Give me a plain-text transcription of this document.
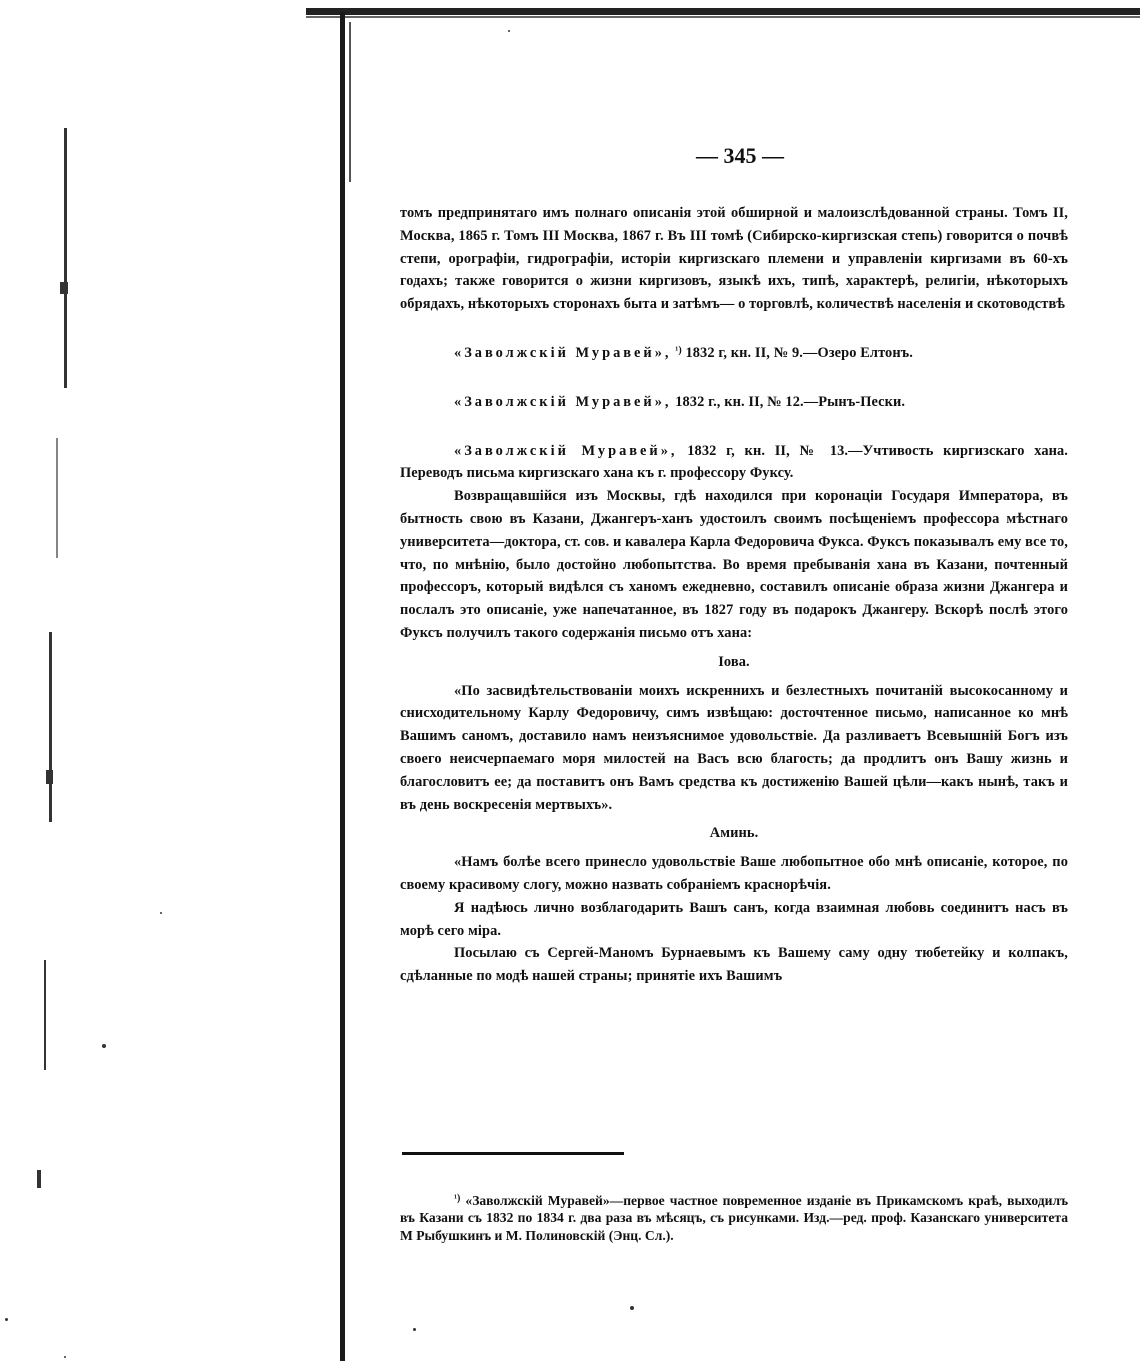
— 345 —

томъ предпринятаго имъ полнаго описанія этой обширной и малоизслѣдованной страны. Томъ II, Москва, 1865 г. Томъ III Москва, 1867 г. Въ III томѣ (Сибирско-киргизская степь) говорится о почвѣ степи, орографіи, гидрографіи, исторіи киргизскаго племени и управленіи киргизами въ 60-хъ годахъ; также говорится о жизни киргизовъ, языкѣ ихъ, типѣ, характерѣ, религіи, нѣкоторыхъ обрядахъ, нѣкоторыхъ сторонахъ быта и затѣмъ— о торговлѣ, количествѣ населенія и скотоводствѣ

«Заволжскій Муравей», $^{^1)}$ 1832 г, кн. II, № 9.—Озеро Елтонъ.

«Заволжскій Муравей», 1832 г., кн. II, № 12.—Рынъ-Пески.

«Заволжскій Муравей», 1832 г, кн. II, № 13.—Учтивость киргизскаго хана. Переводъ письма киргизскаго хана къ г. профессору Фуксу.

Возвращавшійся изъ Москвы, гдѣ находился при коронаціи Государя Императора, въ бытность свою въ Казани, Джангеръ-ханъ удостоилъ своимъ посѣщеніемъ профессора мѣстнаго университета—доктора, ст. сов. и кавалера Карла Федоровича Фукса. Фуксъ показывалъ ему все то, что, по мнѣнію, было достойно любопытства. Во время пребыванія хана въ Казани, почтенный профессоръ, который видѣлся съ ханомъ ежедневно, составилъ описаніе образа жизни Джангера и послалъ это описаніе, уже напечатанное, въ 1827 году въ подарокъ Джангеру. Вскорѣ послѣ этого Фуксъ получилъ такого содержанія письмо отъ хана:

Іова.

«По засвидѣтельствованіи моихъ искреннихъ и безлестныхъ почитаній высокосанному и снисходительному Карлу Федоровичу, симъ извѣщаю: досточтенное письмо, написанное ко мнѣ Вашимъ саномъ, доставило намъ неизъяснимое удовольствіе. Да разливаетъ Всевышній Богъ изъ своего неисчерпаемаго моря милостей на Васъ всю благость; да продлитъ онъ Вашу жизнь и благословитъ ее; да поставитъ онъ Вамъ средства къ достиженію Вашей цѣли—какъ нынѣ, такъ и въ день воскресенія мертвыхъ».

Аминь.

«Намъ болѣе всего принесло удовольствіе Ваше любопытное обо мнѣ описаніе, которое, по своему красивому слогу, можно назвать собраніемъ краснорѣчія.

Я надѣюсь лично возблагодарить Вашъ санъ, когда взаимная любовь соединитъ насъ въ морѣ сего міра.

Посылаю съ Сергей-Маномъ Бурнаевымъ къ Вашему саму одну тюбетейку и колпакъ, сдѣланные по модѣ нашей страны; принятіе ихъ Вашимъ

$^{^1)}$ «Заволжскій Муравей»—первое частное повременное изданіе въ Прикамскомъ краѣ, выходилъ въ Казани съ 1832 по 1834 г. два раза въ мѣсяцъ, съ рисунками. Изд.—ред. проф. Казанскаго университета М Рыбушкинъ и М. Полиновскій (Энц. Сл.).
